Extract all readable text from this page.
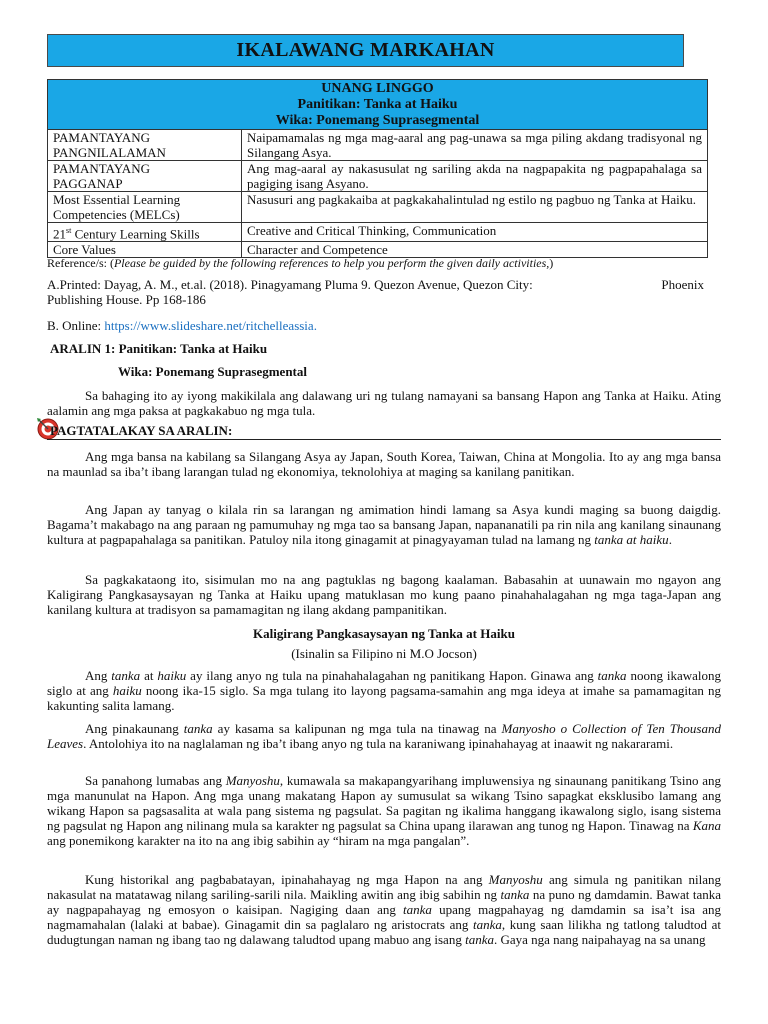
IKALAWANG MARKAHAN
UNANG LINGGO
Panitikan: Tanka at Haiku
Wika: Ponemang Suprasegmental	

PAMANTAYANG
PANGNILALAMAN	Naipamamalas ng mga mag-aaral ang pag-unawa sa mga piling akdang tradisyonal ng Silangang Asya.

PAMANTAYANG
PAGGANAP	Ang mag-aaral ay nakasusulat ng sariling akda na nagpapakita ng pagpapahalaga sa pagiging isang Asyano.

Most Essential Learning
Competencies (MELCs)	Nasusuri ang pagkakaiba at pagkakahalintulad ng estilo ng pagbuo ng Tanka at Haiku.
21st Century Learning Skills	Creative and Critical Thinking, Communication
Core Values	Character and Competence
Reference/s: (Please be guided by the following references to help you perform the given daily activities,)
A.Printed: Dayag, A. M., et.al. (2018). Pinagyamang Pluma 9. Quezon Avenue, Quezon City:	Phoenix
Publishing House. Pp 168-186
B. Online: https://www.slideshare.net/ritchelleassia.
ARALIN 1: Panitikan: Tanka at Haiku
Wika: Ponemang Suprasegmental

Sa bahaging ito ay iyong makikilala ang dalawang uri ng tulang namayani sa bansang Hapon ang Tanka at Haiku. Ating aalamin ang mga paksa at pagkakabuo ng mga tula.

PAGTATALAKAY SA ARALIN:

Ang mga bansa na kabilang sa Silangang Asya ay Japan, South Korea, Taiwan, China at Mongolia. Ito ay ang mga bansa na maunlad sa iba’t ibang larangan tulad ng ekonomiya, teknolohiya at maging sa kanilang panitikan.

Ang Japan ay tanyag o kilala rin sa larangan ng amimation hindi lamang sa Asya kundi maging sa buong daigdig. Bagama’t makabago na ang paraan ng pamumuhay ng mga tao sa bansang Japan, napananatili pa rin nila ang kanilang sinaunang kultura at pagpapahalaga sa panitikan. Patuloy nila itong ginagamit at pinagyayaman tulad na lamang ng tanka at haiku.

Sa pagkakataong ito, sisimulan mo na ang pagtuklas ng bagong kaalaman. Babasahin at uunawain mo ngayon ang Kaligirang Pangkasaysayan ng Tanka at Haiku upang matuklasan mo kung paano pinahahalagahan ng mga taga-Japan ang kanilang kultura at tradisyon sa pamamagitan ng ilang akdang pampanitikan.

Kaligirang Pangkasaysayan ng Tanka at Haiku
(Isinalin sa Filipino ni M.O Jocson)

Ang tanka at haiku ay ilang anyo ng tula na pinahahalagahan ng panitikang Hapon. Ginawa ang tanka noong ikawalong siglo at ang haiku noong ika-15 siglo. Sa mga tulang ito layong pagsama-samahin ang mga ideya at imahe sa pamamagitan ng kakunting salita lamang.

Ang pinakaunang tanka ay kasama sa kalipunan ng mga tula na tinawag na Manyosho o Collection of Ten Thousand Leaves. Antolohiya ito na naglalaman ng iba’t ibang anyo ng tula na karaniwang ipinahahayag at inaawit ng nakararami.

Sa panahong lumabas ang Manyoshu, kumawala sa makapangyarihang impluwensiya ng sinaunang panitikang Tsino ang mga manunulat na Hapon. Ang mga unang makatang Hapon ay sumusulat sa wikang Tsino sapagkat eksklusibo lamang ang wikang Hapon sa pagsasalita at wala pang sistema ng pagsulat. Sa pagitan ng ikalima hanggang ikawalong siglo, isang sistema ng pagsulat ng Hapon ang nilinang mula sa karakter ng pagsulat sa China upang ilarawan ang tunog ng Hapon. Tinawag na Kana ang ponemikong karakter na ito na ang ibig sabihin ay “hiram na mga pangalan”.

Kung historikal ang pagbabatayan, ipinahahayag ng mga Hapon na ang Manyoshu ang simula ng panitikan nilang nakasulat na matatawag nilang sariling-sarili nila. Maikling awitin ang ibig sabihin ng tanka na puno ng damdamin. Bawat tanka ay nagpapahayag ng emosyon o kaisipan. Nagiging daan ang tanka upang magpahayag ng damdamin sa isa’t isa ang nagmamahalan (lalaki at babae). Ginagamit din sa paglalaro ng aristocrats ang tanka, kung saan lilikha ng tatlong taludtod at dudugtungan naman ng ibang tao ng dalawang taludtod upang mabuo ang isang tanka. Gaya nga nang naipahayag na sa unang
